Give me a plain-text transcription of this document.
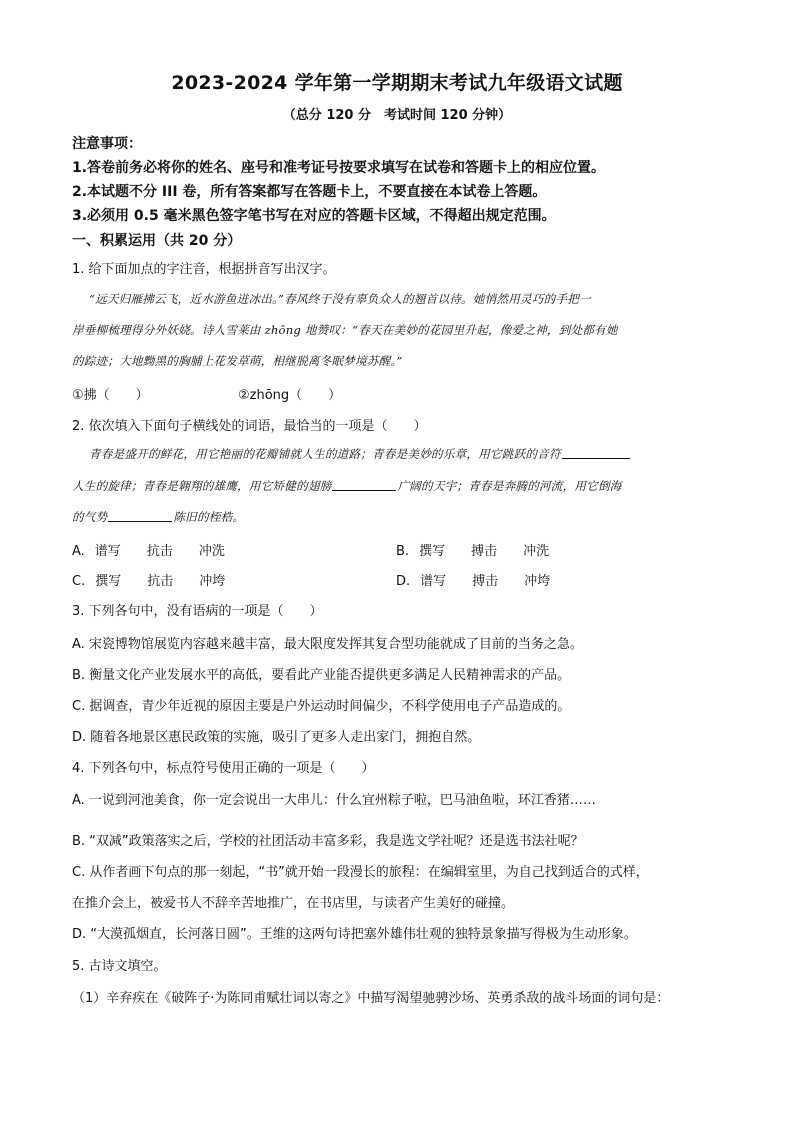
2023-2024 学年第一学期期末考试九年级语文试题
（总分 120 分　考试时间 120 分钟）
注意事项：
1.答卷前务必将你的姓名、座号和准考证号按要求填写在试卷和答题卡上的相应位置。
2.本试题不分 III 卷，所有答案都写在答题卡上，不要直接在本试卷上答题。
3.必须用 0.5 毫米黑色签字笔书写在对应的答题卡区域，不得超出规定范围。
一、积累运用（共 20 分）
1. 给下面加点的字注音，根据拼音写出汉字。
“远天归雁拂云飞，近水游鱼迸冰出。”春风终于没有辜负众人的翘首以待。她悄然用灵巧的手把一
岸垂柳梳理得分外妖娆。诗人雪莱由 zhōng 地赞叹：“春天在美妙的花园里升起，像爱之神，到处都有她
的踪迹；大地黝黑的胸脯上花发草萌，相继脱离冬眠梦境苏醒。”
①拂（　　）	②zhōng（　　）
2. 依次填入下面句子横线处的词语，最恰当的一项是（　　）
青春是盛开的鲜花，用它艳丽的花瓣铺就人生的道路；青春是美妙的乐章，用它跳跃的音符
人生的旋律；青春是翱翔的雄鹰，用它矫健的翅膀	广阔的天宇；青春是奔腾的河流，用它倒海
的气势	陈旧的桎梏。
A. 谱写 抗击 冲洗	B. 撰写 搏击 冲洗
C. 撰写 抗击 冲垮	D. 谱写 搏击 冲垮
3. 下列各句中，没有语病的一项是（　　）
A. 宋瓷博物馆展览内容越来越丰富，最大限度发挥其复合型功能就成了目前的当务之急。
B. 衡量文化产业发展水平的高低，要看此产业能否提供更多满足人民精神需求的产品。
C. 据调查，青少年近视的原因主要是户外运动时间偏少，不科学使用电子产品造成的。
D. 随着各地景区惠民政策的实施，吸引了更多人走出家门，拥抱自然。
4. 下列各句中，标点符号使用正确的一项是（　　）
A. 一说到河池美食，你一定会说出一大串儿：什么宜州粽子啦，巴马油鱼啦，环江香猪……
B. “双减”政策落实之后，学校的社团活动丰富多彩，我是选文学社呢？还是选书法社呢？
C. 从作者画下句点的那一刻起，“书”就开始一段漫长的旅程：在编辑室里，为自己找到适合的式样，
在推介会上，被爱书人不辞辛苦地推广，在书店里，与读者产生美好的碰撞。
D. “大漠孤烟直，长河落日圆”。王维的这两句诗把塞外雄伟壮观的独特景象描写得极为生动形象。
5. 古诗文填空。
（1）辛弃疾在《破阵子·为陈同甫赋壮词以寄之》中描写渴望驰骋沙场、英勇杀敌的战斗场面的词句是：
